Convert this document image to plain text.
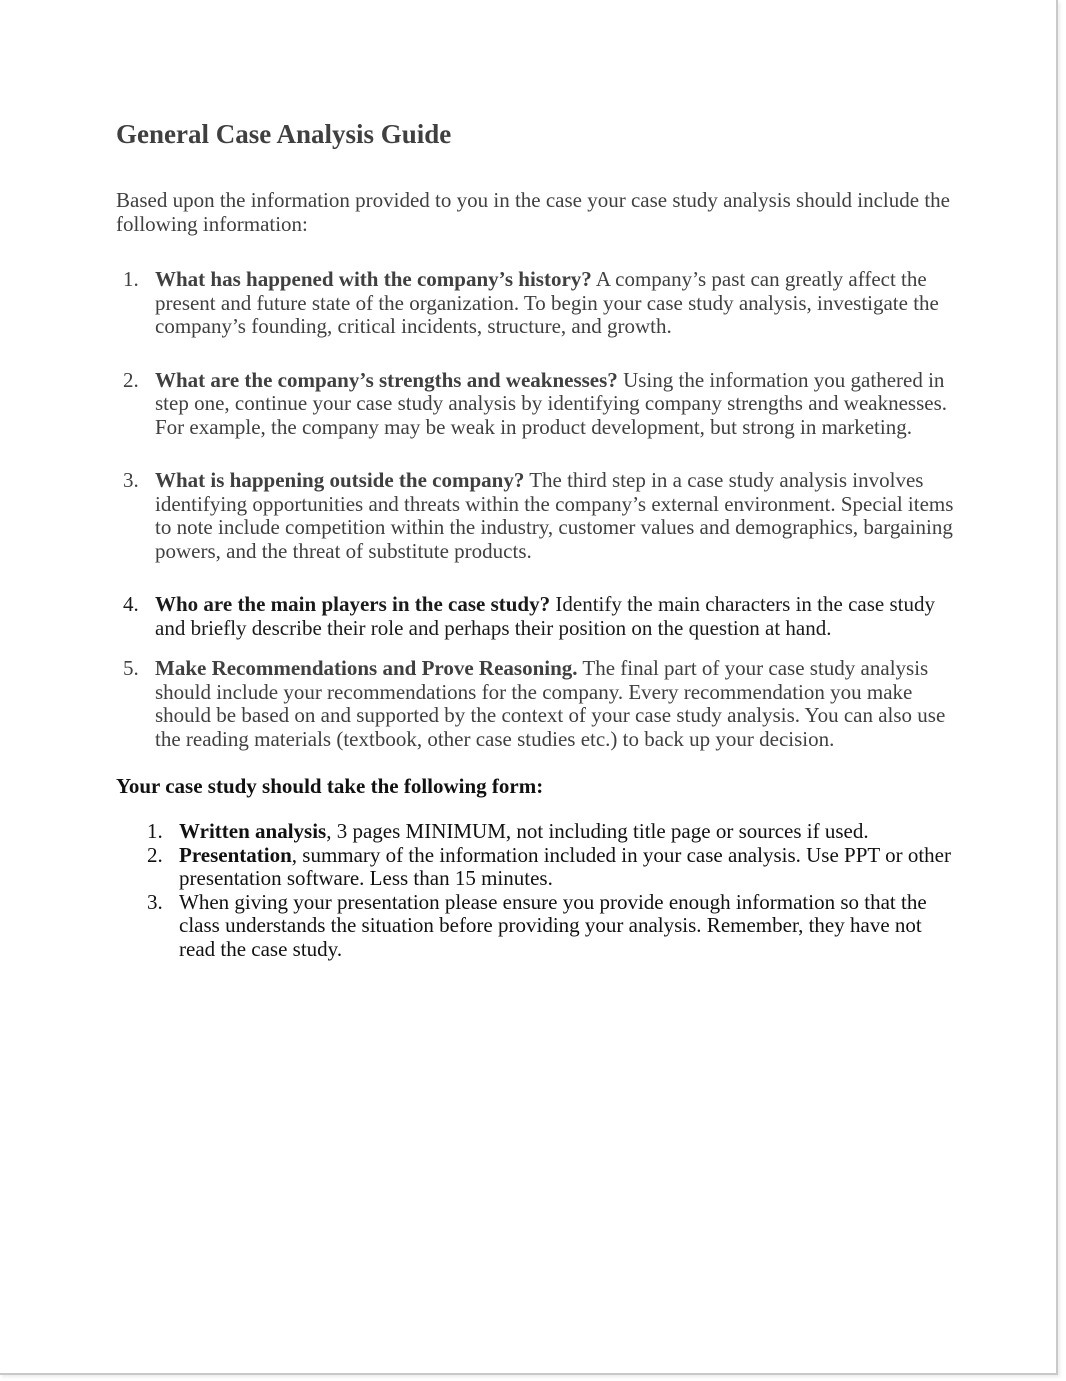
General Case Analysis Guide

Based upon the information provided to you in the case your case study analysis should include the following information:

1. What has happened with the company’s history? A company’s past can greatly affect the present and future state of the organization. To begin your case study analysis, investigate the company’s founding, critical incidents, structure, and growth.
2. What are the company’s strengths and weaknesses? Using the information you gathered in step one, continue your case study analysis by identifying company strengths and weaknesses. For example, the company may be weak in product development, but strong in marketing.
3. What is happening outside the company? The third step in a case study analysis involves identifying opportunities and threats within the company’s external environment. Special items to note include competition within the industry, customer values and demographics, bargaining powers, and the threat of substitute products.
4. Who are the main players in the case study? Identify the main characters in the case study and briefly describe their role and perhaps their position on the question at hand.
5. Make Recommendations and Prove Reasoning. The final part of your case study analysis should include your recommendations for the company. Every recommendation you make should be based on and supported by the context of your case study analysis. You can also use the reading materials (textbook, other case studies etc.) to back up your decision.

Your case study should take the following form:

1. Written analysis, 3 pages MINIMUM, not including title page or sources if used.
2. Presentation, summary of the information included in your case analysis. Use PPT or other presentation software. Less than 15 minutes.
3. When giving your presentation please ensure you provide enough information so that the class understands the situation before providing your analysis. Remember, they have not read the case study.
